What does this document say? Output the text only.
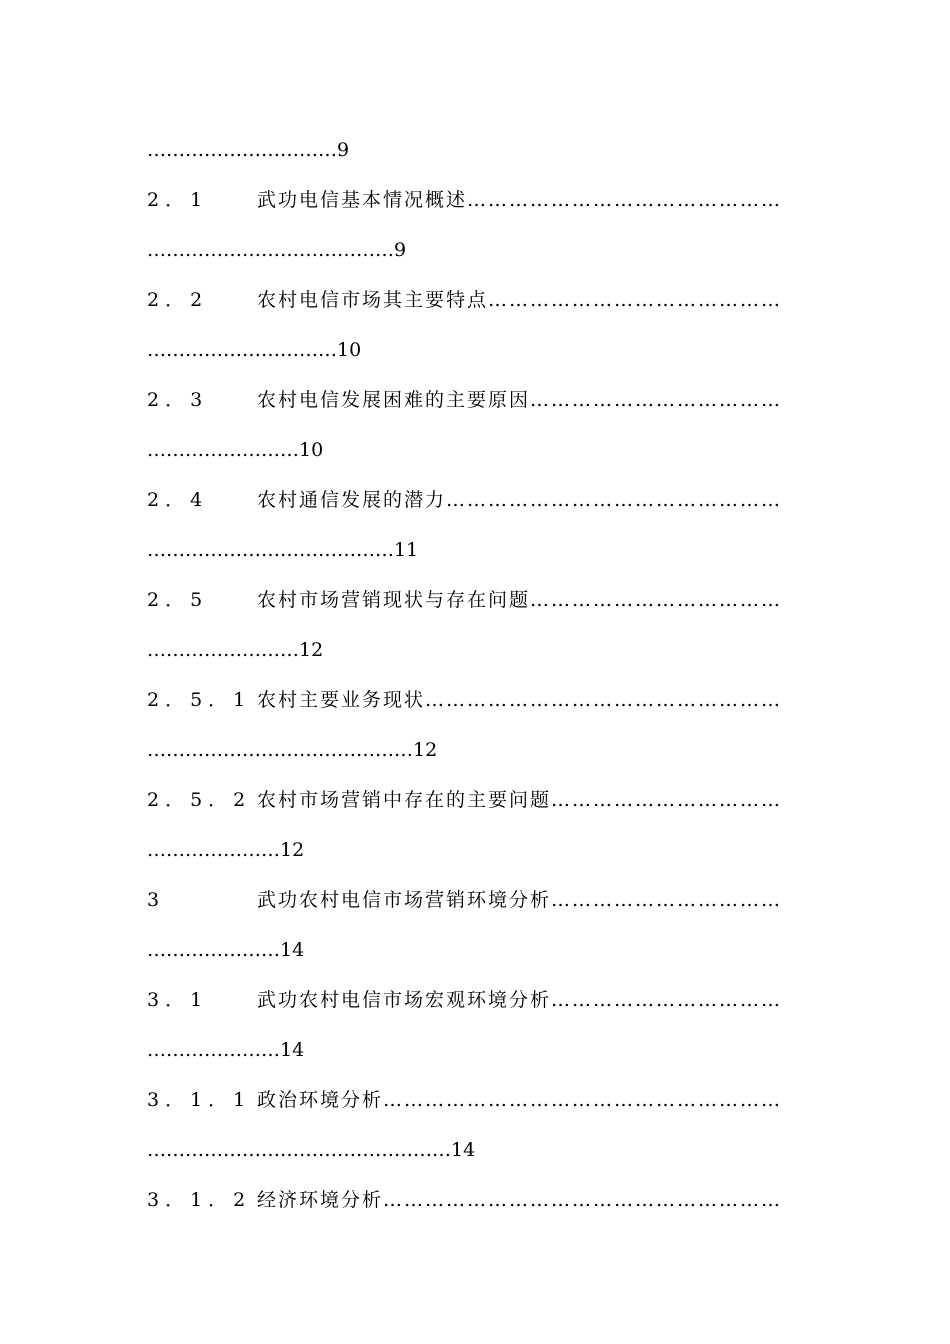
…………………………9
2．1	武功电信基本情况概述………………………………………
…………………………………9
2．2	农村电信市场其主要特点……………………………………
…………………………10
2．3	农村电信发展困难的主要原因………………………………
……………………10
2．4	农村通信发展的潜力…………………………………………
…………………………………11
2．5	农村市场营销现状与存在问题………………………………
……………………12
2．5．1 农村主要业务现状……………………………………………
……………………………………12
2．5．2 农村市场营销中存在的主要问题……………………………
…………………12
3	武功农村电信市场营销环境分析……………………………
…………………14
3．1	武功农村电信市场宏观环境分析……………………………
…………………14
3．1．1 政治环境分析…………………………………………………
…………………………………………14
3．1．2 经济环境分析…………………………………………………
